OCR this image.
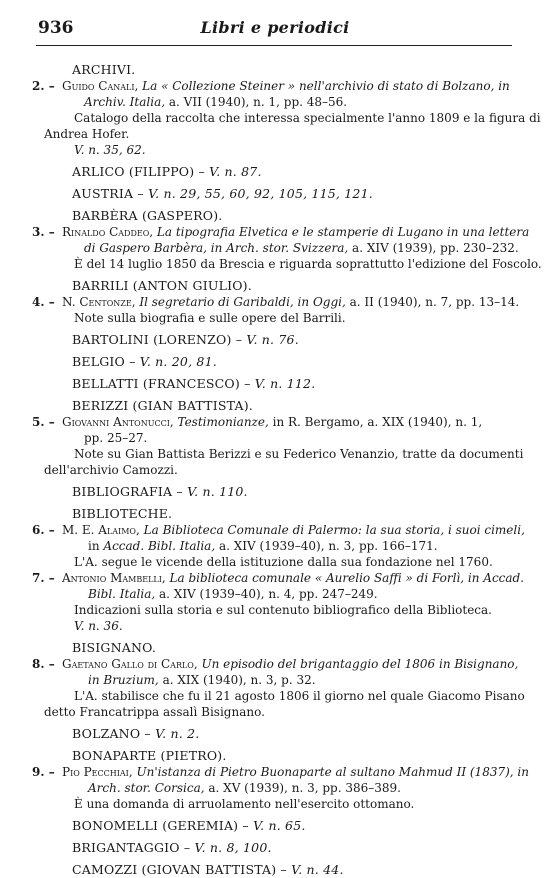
936	Libri e periodici
ARCHIVI.
2. – Guido Canali, La « Collezione Steiner » nell'archivio di stato di Bolzano, in
Archiv. Italia, a. VII (1940), n. 1, pp. 48–56.
Catalogo della raccolta che interessa specialmente l'anno 1809 e la figura di
Andrea Hofer.
V. n. 35, 62.
ARLICO (FILIPPO) – V. n. 87.
AUSTRIA – V. n. 29, 55, 60, 92, 105, 115, 121.
BARBÈRA (GASPERO).
3. – Rinaldo Caddeo, La tipografia Elvetica e le stamperie di Lugano in una lettera
di Gaspero Barbèra, in Arch. stor. Svizzera, a. XIV (1939), pp. 230–232.
È del 14 luglio 1850 da Brescia e riguarda soprattutto l'edizione del Foscolo.
BARRILI (ANTON GIULIO).
4. – N. Centonze, Il segretario di Garibaldi, in Oggi, a. II (1940), n. 7, pp. 13–14.
Note sulla biografia e sulle opere del Barrili.
BARTOLINI (LORENZO) – V. n. 76.
BELGIO – V. n. 20, 81.
BELLATTI (FRANCESCO) – V. n. 112.
BERIZZI (GIAN BATTISTA).
5. – Giovanni Antonucci, Testimonianze, in R. Bergamo, a. XIX (1940), n. 1,
pp. 25–27.
Note su Gian Battista Berizzi e su Federico Venanzio, tratte da documenti
dell'archivio Camozzi.
BIBLIOGRAFIA – V. n. 110.
BIBLIOTECHE.
6. – M. E. Alaimo, La Biblioteca Comunale di Palermo: la sua storia, i suoi cimeli,
in Accad. Bibl. Italia, a. XIV (1939–40), n. 3, pp. 166–171.
L'A. segue le vicende della istituzione dalla sua fondazione nel 1760.
7. – Antonio Mambelli, La biblioteca comunale « Aurelio Saffi » di Forlì, in Accad.
Bibl. Italia, a. XIV (1939–40), n. 4, pp. 247–249.
Indicazioni sulla storia e sul contenuto bibliografico della Biblioteca.
V. n. 36.
BISIGNANO.
8. – Gaetano Gallo di Carlo, Un episodio del brigantaggio del 1806 in Bisignano,
in Bruzium, a. XIX (1940), n. 3, p. 32.
L'A. stabilisce che fu il 21 agosto 1806 il giorno nel quale Giacomo Pisano
detto Francatrippa assalì Bisignano.
BOLZANO – V. n. 2.
BONAPARTE (PIETRO).
9. – Pio Pecchiai, Un'istanza di Pietro Buonaparte al sultano Mahmud II (1837), in
Arch. stor. Corsica, a. XV (1939), n. 3, pp. 386–389.
È una domanda di arruolamento nell'esercito ottomano.
BONOMELLI (GEREMIA) – V. n. 65.
BRIGANTAGGIO – V. n. 8, 100.
CAMOZZI (GIOVAN BATTISTA) – V. n. 44.
